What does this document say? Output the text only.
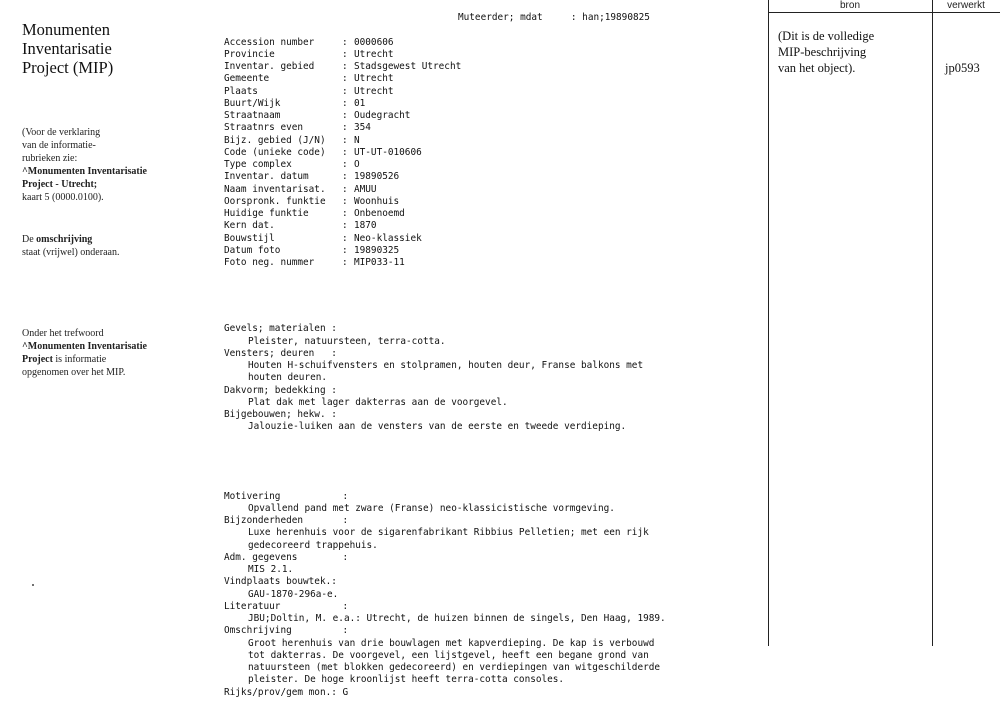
Monumenten
Inventarisatie
Project (MIP)

(Voor de verklaring
van de informatie-
rubrieken zie:
^Monumenten Inventarisatie
Project - Utrecht;
kaart 5 (0000.0100).
De omschrijving
staat (vrijwel) onderaan.
Onder het trefwoord
^Monumenten Inventarisatie
Project is informatie
opgenomen over het MIP.

Accession number	: 0000606
Provincie	: Utrecht
Inventar. gebied	: Stadsgewest Utrecht
Gemeente	: Utrecht
Plaats	: Utrecht
Buurt/Wijk	: 01
Straatnaam	: Oudegracht
Straatnrs even	: 354
Bijz. gebied (J/N) : N
Code (unieke code) : UT-UT-010606
Type complex	: O
Inventar. datum	: 19890526
Naam inventarisat. : AMUU
Oorspronk. funktie : Woonhuis
Huidige funktie	: Onbenoemd
Kern dat.	: 1870
Bouwstijl	: Neo-klassiek
Datum foto	: 19890325
Foto neg. nummer	: MIP033-11

Gevels; materialen :
Pleister, natuursteen, terra-cotta.
Vensters; deuren   :
Houten H-schuifvensters en stolpramen, houten deur, Franse balkons met
houten deuren.
Dakvorm; bedekking :
Plat dak met lager dakterras aan de voorgevel.
Bijgebouwen; hekw. :
Jalouzie-luiken aan de vensters van de eerste en tweede verdieping.

Motivering           :
Opvallend pand met zware (Franse) neo-klassicistische vormgeving.
Bijzonderheden       :
Luxe herenhuis voor de sigarenfabrikant Ribbius Pelletien; met een rijk
gedecoreerd trappehuis.
Adm. gegevens        :
MIS 2.1.
Vindplaats bouwtek.:
GAU-1870-296a-e.
Literatuur           :
JBU;Doltin, M. e.a.: Utrecht, de huizen binnen de singels, Den Haag, 1989.
Omschrijving         :
Groot herenhuis van drie bouwlagen met kapverdieping. De kap is verbouwd
tot dakterras. De voorgevel, een lijstgevel, heeft een begane grond van
natuursteen (met blokken gedecoreerd) en verdiepingen van witgeschilderde
pleister. De hoge kroonlijst heeft terra-cotta consoles.
Rijks/prov/gem mon.: G

Muteerder; mdat     : han;19890825
bron	verwerkt
(Dit is de volledige
MIP-beschrijving
van het object).	jp0593
